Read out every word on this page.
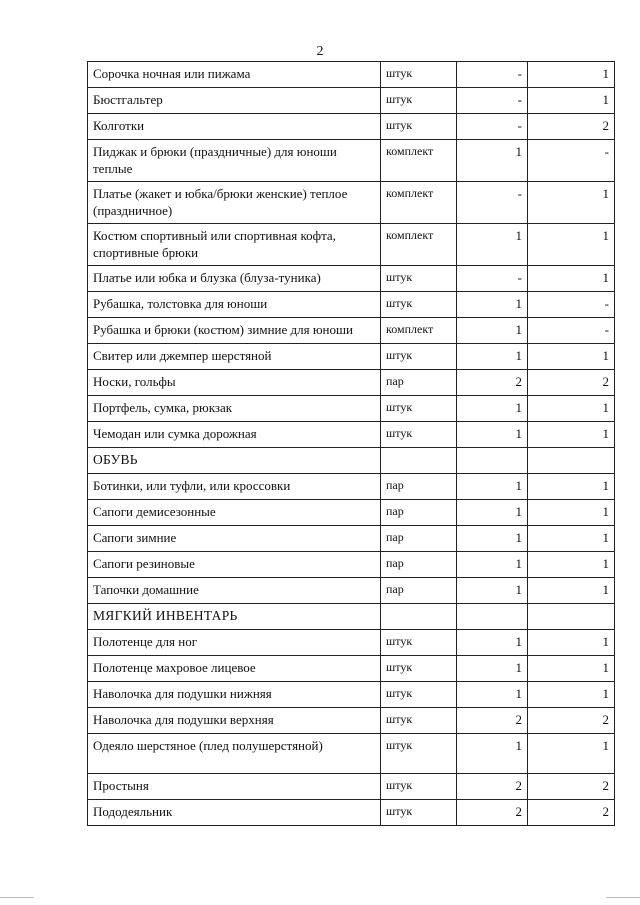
2
Сорочка ночная или пижама	штук	-	1
Бюстгальтер	штук	-	1
Колготки	штук	-	2
Пиджак и брюки (праздничные) для юноши теплые	комплект	1	-
Платье (жакет и юбка/брюки женские) теплое (праздничное)	комплект	-	1
Костюм спортивный или спортивная кофта, спортивные брюки	комплект	1	1
Платье или юбка и блузка (блуза-туника)	штук	-	1
Рубашка, толстовка для юноши	штук	1	-
Рубашка и брюки (костюм) зимние для юноши	комплект	1	-
Свитер или джемпер шерстяной	штук	1	1
Носки, гольфы	пар	2	2
Портфель, сумка, рюкзак	штук	1	1
Чемодан или сумка дорожная	штук	1	1
ОБУВЬ			
Ботинки, или туфли, или кроссовки	пар	1	1
Сапоги демисезонные	пар	1	1
Сапоги зимние	пар	1	1
Сапоги резиновые	пар	1	1
Тапочки домашние	пар	1	1
МЯГКИЙ ИНВЕНТАРЬ			
Полотенце для ног	штук	1	1
Полотенце махровое лицевое	штук	1	1
Наволочка для подушки нижняя	штук	1	1
Наволочка для подушки верхняя	штук	2	2
Одеяло шерстяное (плед полушерстяной)	штук	1	1
Простыня	штук	2	2
Пододеяльник	штук	2	2
